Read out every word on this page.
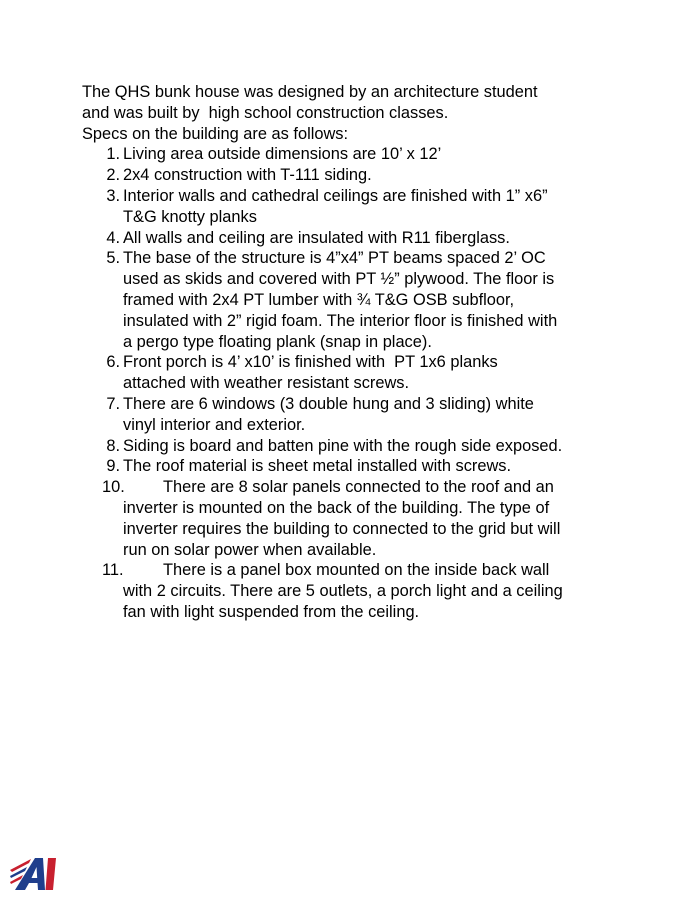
The QHS bunk house was designed by an architecture student
and was built by  high school construction classes.
Specs on the building are as follows:
1. Living area outside dimensions are 10’ x 12’
2. 2x4 construction with T-111 siding.
3. Interior walls and cathedral ceilings are finished with 1” x6”
T&G knotty planks
4. All walls and ceiling are insulated with R11 fiberglass.
5. The base of the structure is 4”x4” PT beams spaced 2’ OC
used as skids and covered with PT ½” plywood. The floor is
framed with 2x4 PT lumber with ¾ T&G OSB subfloor,
insulated with 2” rigid foam. The interior floor is finished with
a pergo type floating plank (snap in place).
6. Front porch is 4’ x10’ is finished with  PT 1x6 planks
attached with weather resistant screws.
7. There are 6 windows (3 double hung and 3 sliding) white
vinyl interior and exterior.
8. Siding is board and batten pine with the rough side exposed.
9. The roof material is sheet metal installed with screws.
10.	There are 8 solar panels connected to the roof and an
inverter is mounted on the back of the building. The type of
inverter requires the building to connected to the grid but will
run on solar power when available.
11.	There is a panel box mounted on the inside back wall
with 2 circuits. There are 5 outlets, a porch light and a ceiling
fan with light suspended from the ceiling.
